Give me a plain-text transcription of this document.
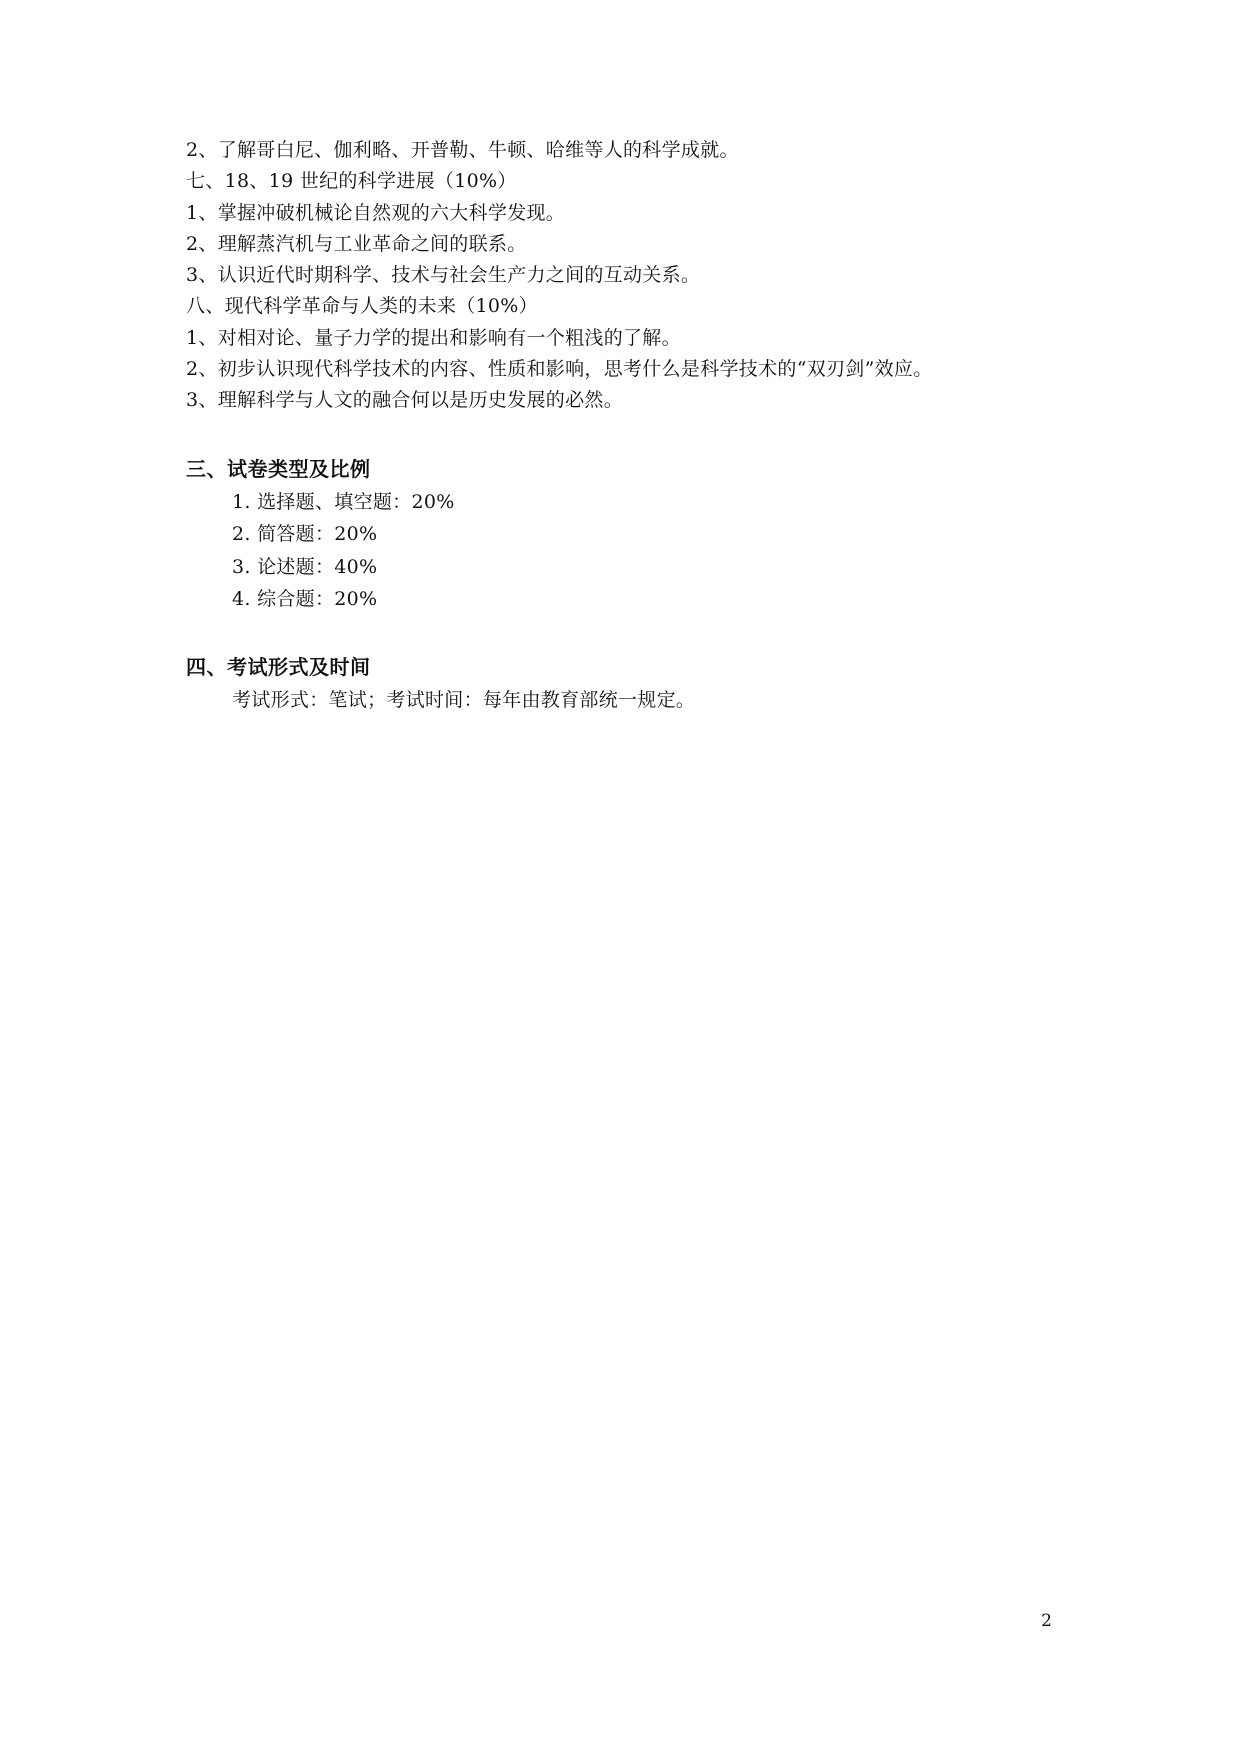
2、了解哥白尼、伽利略、开普勒、牛顿、哈维等人的科学成就。
七、18、19 世纪的科学进展（10%）
1、掌握冲破机械论自然观的六大科学发现。
2、理解蒸汽机与工业革命之间的联系。
3、认识近代时期科学、技术与社会生产力之间的互动关系。
八、现代科学革命与人类的未来（10%）
1、对相对论、量子力学的提出和影响有一个粗浅的了解。
2、初步认识现代科学技术的内容、性质和影响，思考什么是科学技术的“双刃剑”效应。
3、理解科学与人文的融合何以是历史发展的必然。
三、试卷类型及比例
1. 选择题、填空题：20%
2. 简答题：20%
3. 论述题：40%
4. 综合题：20%
四、考试形式及时间
考试形式：笔试；考试时间：每年由教育部统一规定。
2
